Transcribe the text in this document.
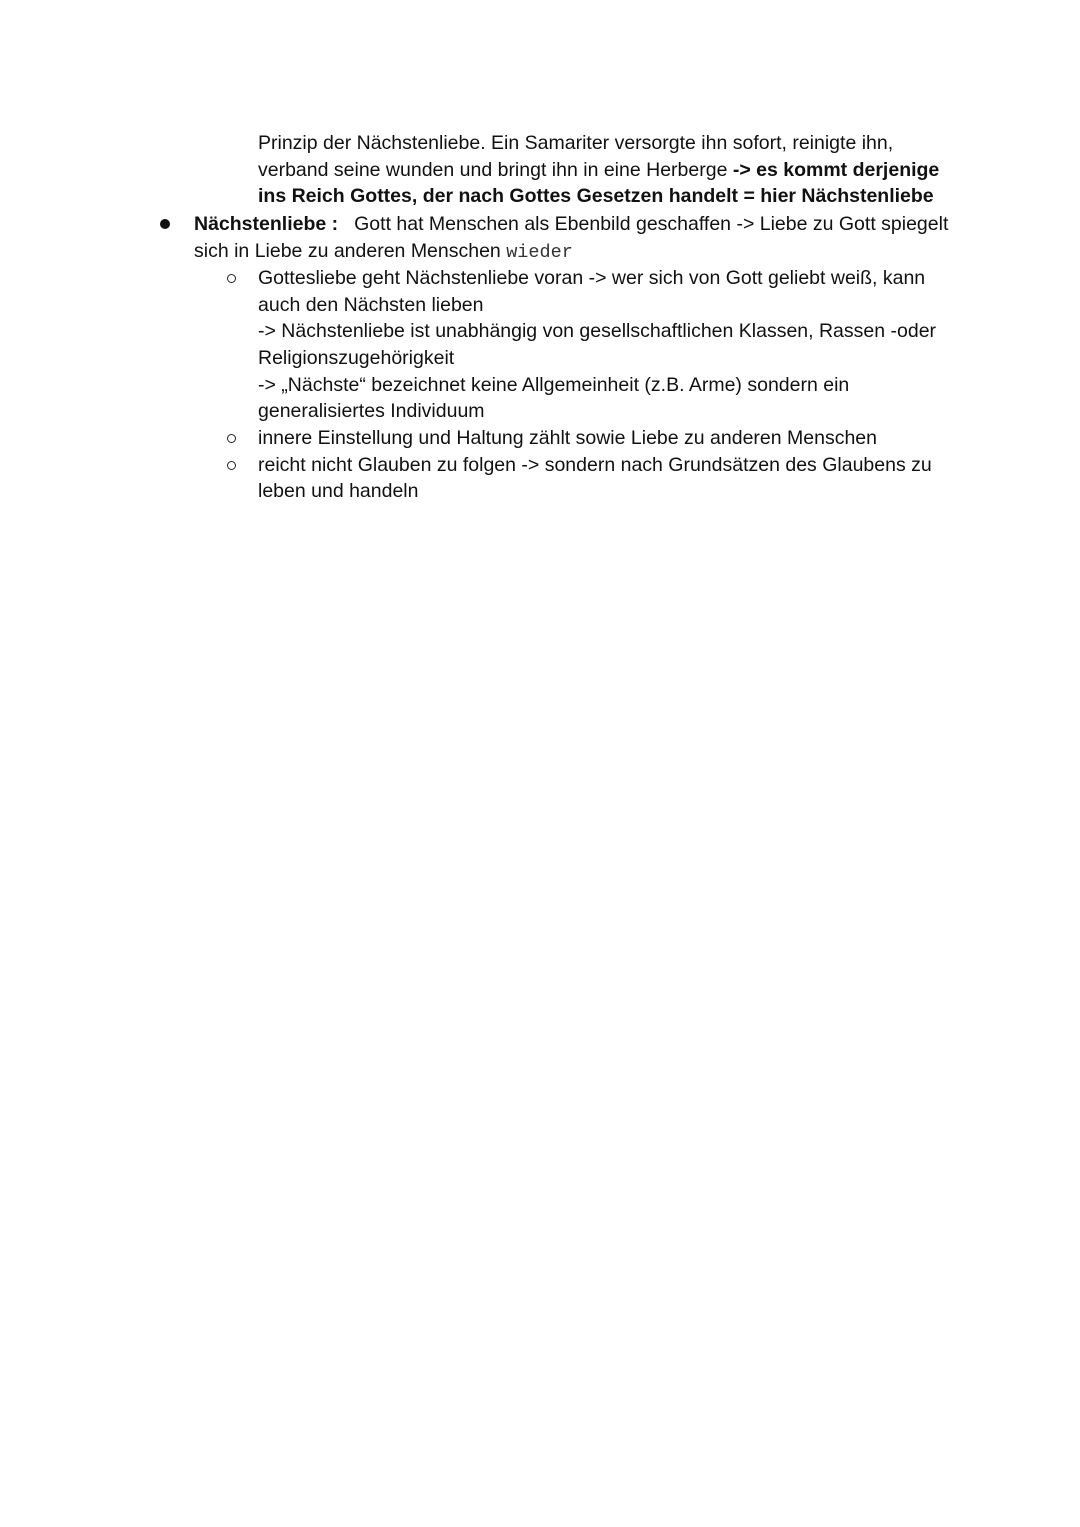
Prinzip der Nächstenliebe. Ein Samariter versorgte ihn sofort, reinigte ihn,
verband seine wunden und bringt ihn in eine Herberge -> es kommt derjenige
ins Reich Gottes, der nach Gottes Gesetzen handelt = hier Nächstenliebe
Nächstenliebe : Gott hat Menschen als Ebenbild geschaffen -> Liebe zu Gott spiegelt
sich in Liebe zu anderen Menschen wieder
Gottesliebe geht Nächstenliebe voran -> wer sich von Gott geliebt weiß, kann
auch den Nächsten lieben
-> Nächstenliebe ist unabhängig von gesellschaftlichen Klassen, Rassen -oder
Religionszugehörigkeit
-> „Nächste“ bezeichnet keine Allgemeinheit (z.B. Arme) sondern ein
generalisiertes Individuum
innere Einstellung und Haltung zählt sowie Liebe zu anderen Menschen
reicht nicht Glauben zu folgen -> sondern nach Grundsätzen des Glaubens zu
leben und handeln
